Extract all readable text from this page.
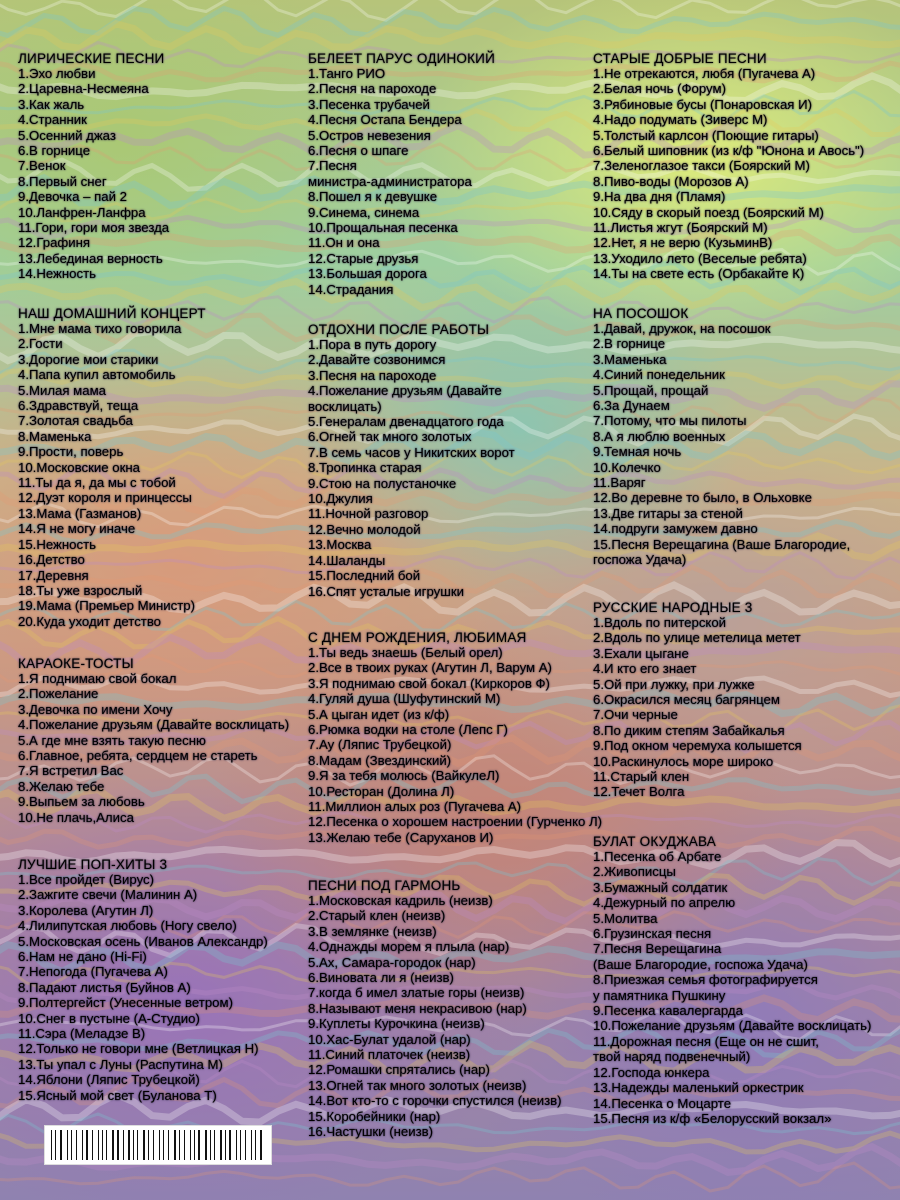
ЛИРИЧЕСКИЕ ПЕСНИ
1.Эхо любви
2.Царевна-Несмеяна
3.Как жаль
4.Странник
5.Осенний джаз
6.В горнице
7.Венок
8.Первый снег
9.Девочка – пай 2
10.Ланфрен-Ланфра
11.Гори, гори моя звезда
12.Графиня
13.Лебединая верность
14.Нежность
НАШ ДОМАШНИЙ КОНЦЕРТ
1.Мне мама тихо говорила
2.Гости
3.Дорогие мои старики
4.Папа купил автомобиль
5.Милая мама
6.Здравствуй, теща
7.Золотая свадьба
8.Маменька
9.Прости, поверь
10.Московские окна
11.Ты да я, да мы с тобой
12.Дуэт короля и принцессы
13.Мама (Газманов)
14.Я не могу иначе
15.Нежность
16.Детство
17.Деревня
18.Ты уже взрослый
19.Мама (Премьер Министр)
20.Куда уходит детство
КАРАОКЕ-ТОСТЫ
1.Я поднимаю свой бокал
2.Пожелание
3.Девочка по имени Хочу
4.Пожелание друзьям (Давайте восклицать)
5.А где мне взять такую песню
6.Главное, ребята, сердцем не стареть
7.Я встретил Вас
8.Желаю тебе
9.Выпьем за любовь
10.Не плачь,Алиса
ЛУЧШИЕ ПОП-ХИТЫ 3
1.Все пройдет (Вирус)
2.Зажгите свечи (Малинин А)
3.Королева (Агутин Л)
4.Лилипутская любовь (Ногу свело)
5.Московская осень (Иванов Александр)
6.Нам не дано (Hi-Fi)
7.Непогода (Пугачева А)
8.Падают листья (Буйнов А)
9.Полтергейст (Унесенные ветром)
10.Снег в пустыне (А-Студио)
11.Сэра (Меладзе В)
12.Только не говори мне (Ветлицкая Н)
13.Ты упал с Луны (Распутина М)
14.Яблони (Ляпис Трубецкой)
15.Ясный мой свет (Буланова Т)
БЕЛЕЕТ ПАРУС ОДИНОКИЙ
1.Танго РИО
2.Песня на пароходе
3.Песенка трубачей
4.Песня Остапа Бендера
5.Остров невезения
6.Песня о шпаге
7.Песня
министра-администратора
8.Пошел я к девушке
9.Синема, синема
10.Прощальная песенка
11.Он и она
12.Старые друзья
13.Большая дорога
14.Страдания
ОТДОХНИ ПОСЛЕ РАБОТЫ
1.Пора в путь дорогу
2.Давайте созвонимся
3.Песня на пароходе
4.Пожелание друзьям (Давайте
восклицать)
5.Генералам двенадцатого года
6.Огней так много золотых
7.В семь часов у Никитских ворот
8.Тропинка старая
9.Стою на полустаночке
10.Джулия
11.Ночной разговор
12.Вечно молодой
13.Москва
14.Шаланды
15.Последний бой
16.Спят усталые игрушки
С ДНЕМ РОЖДЕНИЯ, ЛЮБИМАЯ
1.Ты ведь знаешь (Белый орел)
2.Все в твоих руках (Агутин Л, Варум А)
3.Я поднимаю свой бокал (Киркоров Ф)
4.Гуляй душа (Шуфутинский М)
5.А цыган идет (из к/ф)
6.Рюмка водки на столе (Лепс Г)
7.Ау (Ляпис Трубецкой)
8.Мадам (Звездинский)
9.Я за тебя молюсь (ВайкулеЛ)
10.Ресторан (Долина Л)
11.Миллион алых роз (Пугачева А)
12.Песенка о хорошем настроении (Гурченко Л)
13.Желаю тебе (Саруханов И)
ПЕСНИ ПОД ГАРМОНЬ
1.Московская кадриль (неизв)
2.Старый клен (неизв)
3.В землянке (неизв)
4.Однажды морем я плыла (нар)
5.Ах, Самара-городок (нар)
6.Виновата ли я (неизв)
7.когда б имел златые горы (неизв)
8.Называют меня некрасивою (нар)
9.Куплеты Курочкина (неизв)
10.Хас-Булат удалой (нар)
11.Синий платочек (неизв)
12.Ромашки спрятались (нар)
13.Огней так много золотых (неизв)
14.Вот кто-то с горочки спустился (неизв)
15.Коробейники (нар)
16.Частушки (неизв)
СТАРЫЕ ДОБРЫЕ ПЕСНИ
1.Не отрекаются, любя (Пугачева А)
2.Белая ночь (Форум)
3.Рябиновые бусы (Понаровская И)
4.Надо подумать (Зиверс М)
5.Толстый карлсон (Поющие гитары)
6.Белый шиповник (из к/ф "Юнона и Авось")
7.Зеленоглазое такси (Боярский М)
8.Пиво-воды (Морозов А)
9.На два дня (Пламя)
10.Сяду в скорый поезд (Боярский М)
11.Листья жгут (Боярский М)
12.Нет, я не верю (КузьминВ)
13.Уходило лето (Веселые ребята)
14.Ты на свете есть (Орбакайте К)
НА ПОСОШОК
1.Давай, дружок, на посошок
2.В горнице
3.Маменька
4.Синий понедельник
5.Прощай, прощай
6.За Дунаем
7.Потому, что мы пилоты
8.А я люблю военных
9.Темная ночь
10.Колечко
11.Варяг
12.Во деревне то было, в Ольховке
13.Две гитары за стеной
14.подруги замужем давно
15.Песня Верещагина (Ваше Благородие,
госпожа Удача)
РУССКИЕ НАРОДНЫЕ 3
1.Вдоль по питерской
2.Вдоль по улице метелица метет
3.Ехали цыгане
4.И кто его знает
5.Ой при лужку, при лужке
6.Окрасился месяц багрянцем
7.Очи черные
8.По диким степям Забайкалья
9.Под окном черемуха колышется
10.Раскинулось море широко
11.Старый клен
12.Течет Волга
БУЛАТ ОКУДЖАВА
1.Песенка об Арбате
2.Живописцы
3.Бумажный солдатик
4.Дежурный по апрелю
5.Молитва
6.Грузинская песня
7.Песня Верещагина
(Ваше Благородие, госпожа Удача)
8.Приезжая семья фотографируется
у памятника Пушкину
9.Песенка кавалергарда
10.Пожелание друзьям (Давайте восклицать)
11.Дорожная песня (Еще он не сшит,
твой наряд подвенечный)
12.Господа юнкера
13.Надежды маленький оркестрик
14.Песенка о Моцарте
15.Песня из к/ф «Белорусский вокзал»
